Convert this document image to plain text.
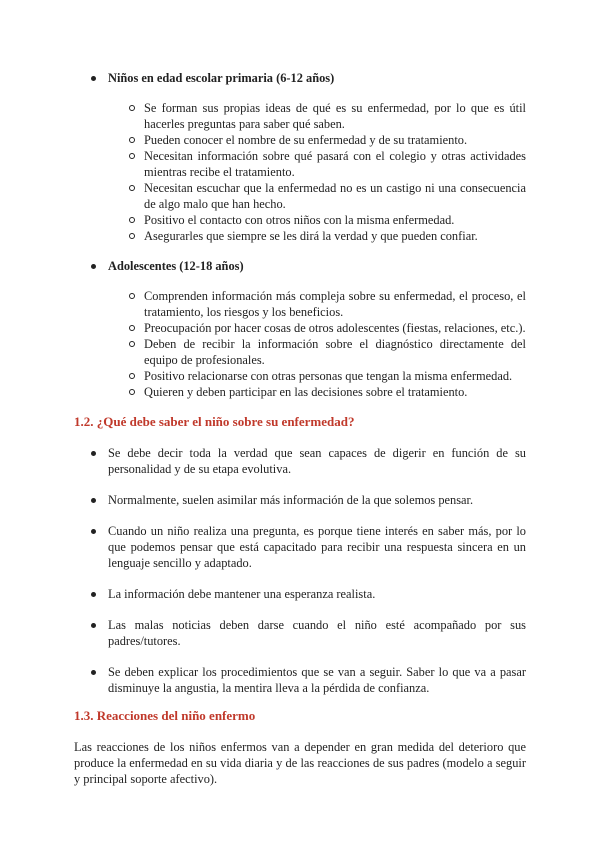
Niños en edad escolar primaria (6-12 años)
Se forman sus propias ideas de qué es su enfermedad, por lo que es útil hacerles preguntas para saber qué saben.
Pueden conocer el nombre de su enfermedad y de su tratamiento.
Necesitan información sobre qué pasará con el colegio y otras actividades mientras recibe el tratamiento.
Necesitan escuchar que la enfermedad no es un castigo ni una consecuencia de algo malo que han hecho.
Positivo el contacto con otros niños con la misma enfermedad.
Asegurarles que siempre se les dirá la verdad y que pueden confiar.
Adolescentes (12-18 años)
Comprenden información más compleja sobre su enfermedad, el proceso, el tratamiento, los riesgos y los beneficios.
Preocupación por hacer cosas de otros adolescentes (fiestas, relaciones, etc.).
Deben de recibir la información sobre el diagnóstico directamente del equipo de profesionales.
Positivo relacionarse con otras personas que tengan la misma enfermedad.
Quieren y deben participar en las decisiones sobre el tratamiento.
1.2. ¿Qué debe saber el niño sobre su enfermedad?
Se debe decir toda la verdad que sean capaces de digerir en función de su personalidad y de su etapa evolutiva.
Normalmente, suelen asimilar más información de la que solemos pensar.
Cuando un niño realiza una pregunta, es porque tiene interés en saber más, por lo que podemos pensar que está capacitado para recibir una respuesta sincera en un lenguaje sencillo y adaptado.
La información debe mantener una esperanza realista.
Las malas noticias deben darse cuando el niño esté acompañado por sus padres/tutores.
Se deben explicar los procedimientos que se van a seguir. Saber lo que va a pasar disminuye la angustia, la mentira lleva a la pérdida de confianza.
1.3. Reacciones del niño enfermo

Las reacciones de los niños enfermos van a depender en gran medida del deterioro que produce la enfermedad en su vida diaria y de las reacciones de sus padres (modelo a seguir y principal soporte afectivo).
